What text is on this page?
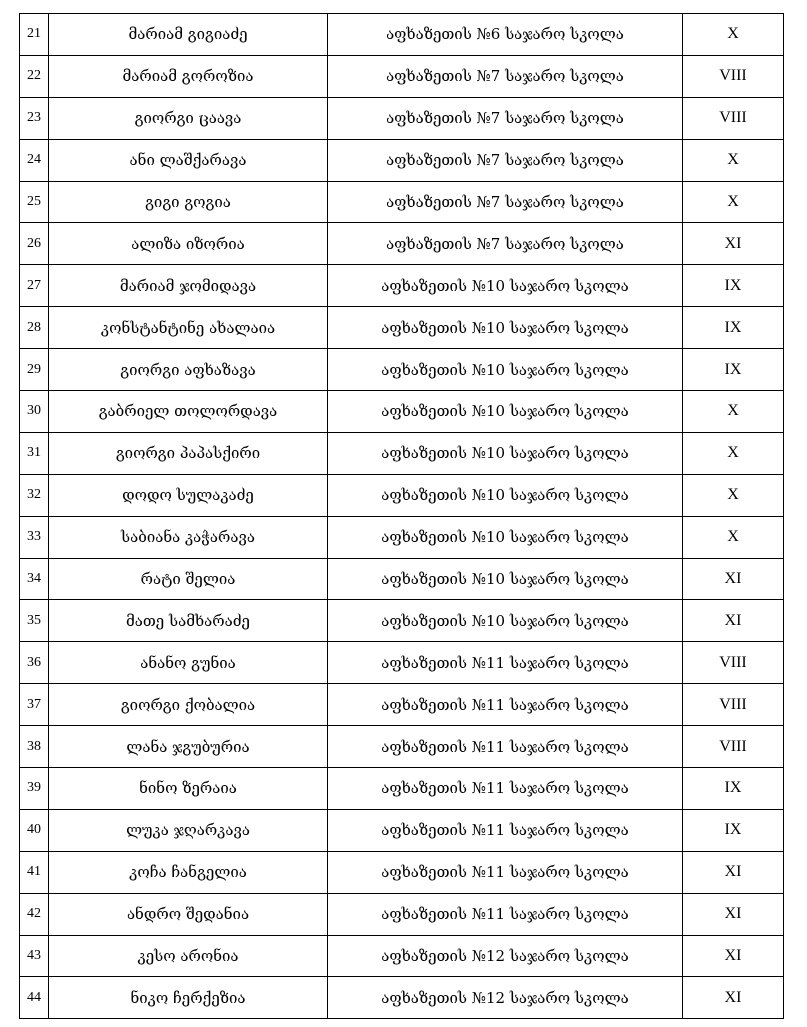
21	მარიამ გიგიაძე	აფხაზეთის №6 საჯარო სკოლა	X
22	მარიამ გოროზია	აფხაზეთის №7 საჯარო სკოლა	VIII
23	გიორგი ცაავა	აფხაზეთის №7 საჯარო სკოლა	VIII
24	ანი ლაშქარავა	აფხაზეთის №7 საჯარო სკოლა	X
25	გიგი გოგია	აფხაზეთის №7 საჯარო სკოლა	X
26	ალიზა იზორია	აფხაზეთის №7 საჯარო სკოლა	XI
27	მარიამ ჯომიდავა	აფხაზეთის №10 საჯარო სკოლა	IX
28	კონსტანტინე ახალაია	აფხაზეთის №10 საჯარო სკოლა	IX
29	გიორგი აფხაზავა	აფხაზეთის №10 საჯარო სკოლა	IX
30	გაბრიელ თოლორდავა	აფხაზეთის №10 საჯარო სკოლა	X
31	გიორგი პაპასქირი	აფხაზეთის №10 საჯარო სკოლა	X
32	დოდო სულაკაძე	აფხაზეთის №10 საჯარო სკოლა	X
33	საბიანა კაჭარავა	აფხაზეთის №10 საჯარო სკოლა	X
34	რატი შელია	აფხაზეთის №10 საჯარო სკოლა	XI
35	მათე სამხარაძე	აფხაზეთის №10 საჯარო სკოლა	XI
36	ანანო გუნია	აფხაზეთის №11 საჯარო სკოლა	VIII
37	გიორგი ქობალია	აფხაზეთის №11 საჯარო სკოლა	VIII
38	ლანა ჯგუბურია	აფხაზეთის №11 საჯარო სკოლა	VIII
39	ნინო ზერაია	აფხაზეთის №11 საჯარო სკოლა	IX
40	ლუკა ჯღარკავა	აფხაზეთის №11 საჯარო სკოლა	IX
41	კოჩა ჩანგელია	აფხაზეთის №11 საჯარო სკოლა	XI
42	ანდრო შედანია	აფხაზეთის №11 საჯარო სკოლა	XI
43	კესო არონია	აფხაზეთის №12 საჯარო სკოლა	XI
44	ნიკო ჩერქეზია	აფხაზეთის №12 საჯარო სკოლა	XI
